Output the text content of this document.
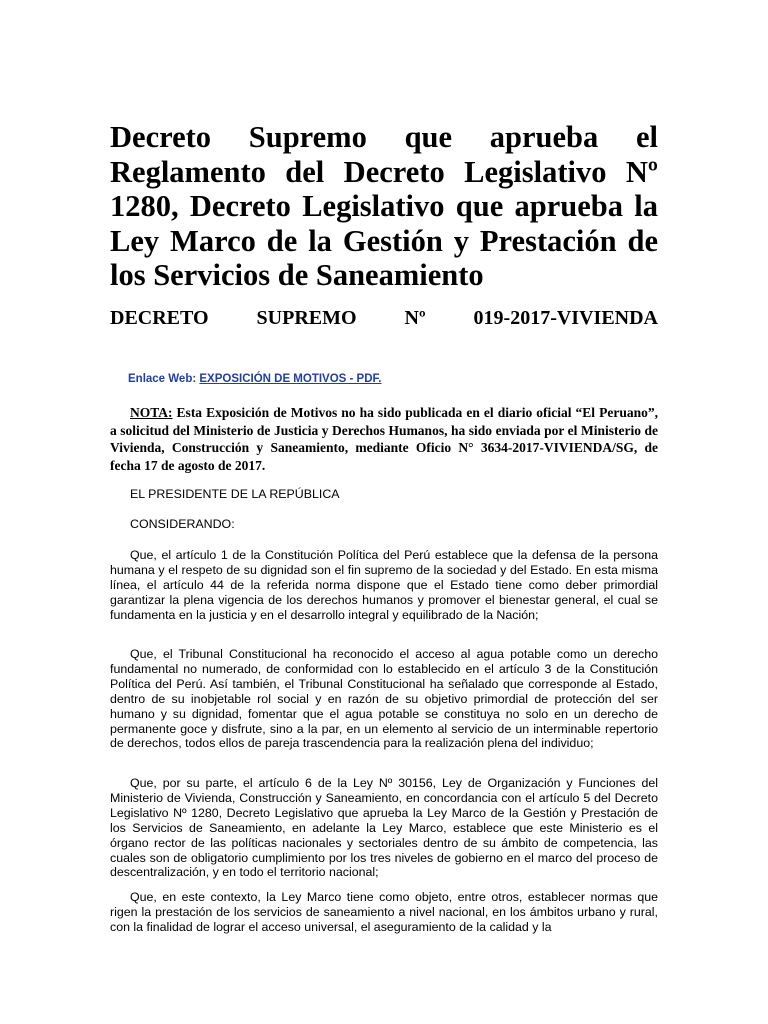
Decreto Supremo que aprueba el Reglamento del Decreto Legislativo Nº 1280, Decreto Legislativo que aprueba la Ley Marco de la Gestión y Prestación de los Servicios de Saneamiento

DECRETO SUPREMO Nº 019-2017-VIVIENDA

Enlace Web: EXPOSICIÓN DE MOTIVOS - PDF.

NOTA: Esta Exposición de Motivos no ha sido publicada en el diario oficial “El Peruano”, a solicitud del Ministerio de Justicia y Derechos Humanos, ha sido enviada por el Ministerio de Vivienda, Construcción y Saneamiento, mediante Oficio N° 3634-2017-VIVIENDA/SG, de fecha 17 de agosto de 2017.

EL PRESIDENTE DE LA REPÚBLICA

CONSIDERANDO:

Que, el artículo 1 de la Constitución Política del Perú establece que la defensa de la persona humana y el respeto de su dignidad son el fin supremo de la sociedad y del Estado. En esta misma línea, el artículo 44 de la referida norma dispone que el Estado tiene como deber primordial garantizar la plena vigencia de los derechos humanos y promover el bienestar general, el cual se fundamenta en la justicia y en el desarrollo integral y equilibrado de la Nación;

Que, el Tribunal Constitucional ha reconocido el acceso al agua potable como un derecho fundamental no numerado, de conformidad con lo establecido en el artículo 3 de la Constitución Política del Perú. Así también, el Tribunal Constitucional ha señalado que corresponde al Estado, dentro de su inobjetable rol social y en razón de su objetivo primordial de protección del ser humano y su dignidad, fomentar que el agua potable se constituya no solo en un derecho de permanente goce y disfrute, sino a la par, en un elemento al servicio de un interminable repertorio de derechos, todos ellos de pareja trascendencia para la realización plena del individuo;

Que, por su parte, el artículo 6 de la Ley Nº 30156, Ley de Organización y Funciones del Ministerio de Vivienda, Construcción y Saneamiento, en concordancia con el artículo 5 del Decreto Legislativo Nº 1280, Decreto Legislativo que aprueba la Ley Marco de la Gestión y Prestación de los Servicios de Saneamiento, en adelante la Ley Marco, establece que este Ministerio es el órgano rector de las políticas nacionales y sectoriales dentro de su ámbito de competencia, las cuales son de obligatorio cumplimiento por los tres niveles de gobierno en el marco del proceso de descentralización, y en todo el territorio nacional;

Que, en este contexto, la Ley Marco tiene como objeto, entre otros, establecer normas que rigen la prestación de los servicios de saneamiento a nivel nacional, en los ámbitos urbano y rural, con la finalidad de lograr el acceso universal, el aseguramiento de la calidad y la
